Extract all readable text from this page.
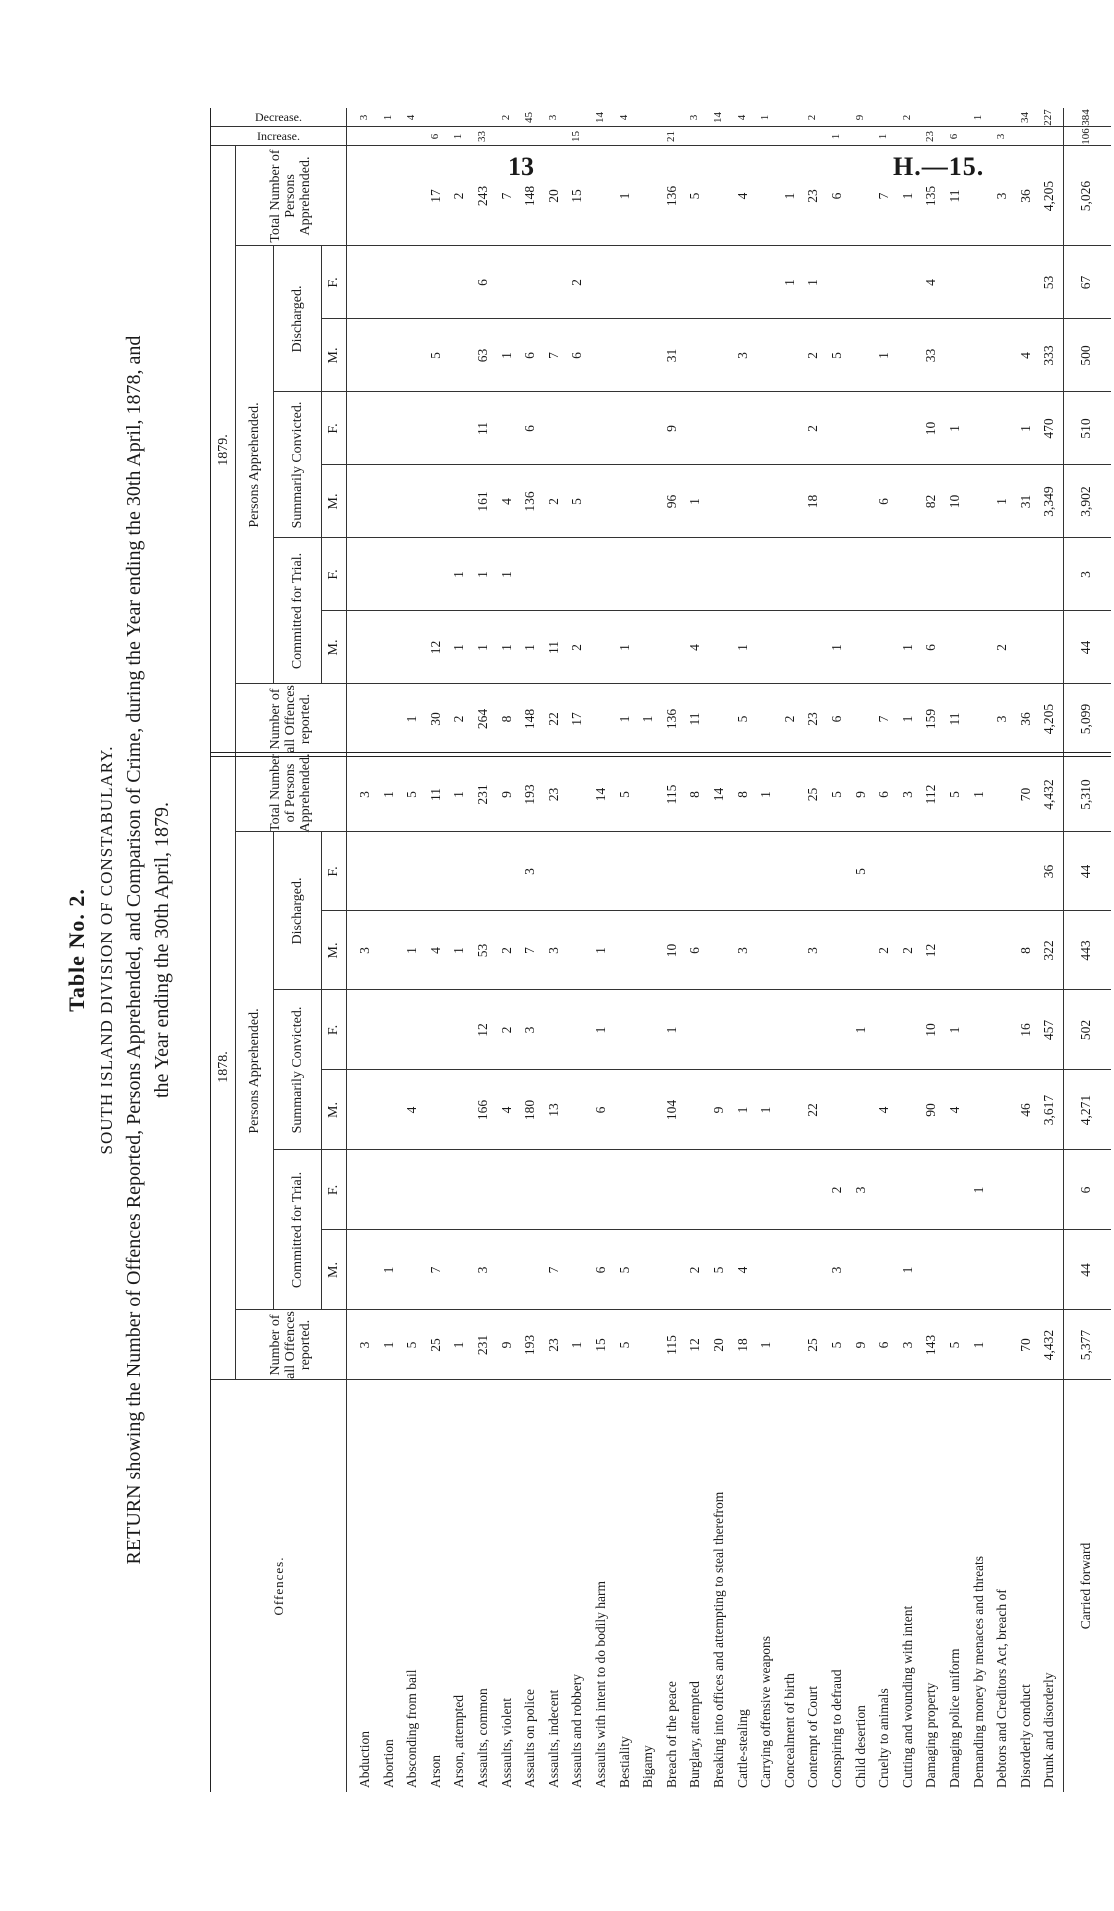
13	H.—15.
Table No. 2. SOUTH ISLAND DIVISION OF CONSTABULARY. RETURN showing the Number of Offences Reported, Persons Apprehended, and Comparison of Crime, during the Year ending the 30th April, 1878, and the Year ending the 30th April, 1879.
Offences.
1878.
1879.
Number of all Offences reported.
Persons Apprehended.
Total Number of Persons Apprehended.
Committed for Trial.
Summarily Convicted.
Discharged.
Number of all Offences reported.
Persons Apprehended.
Total Number of Persons Apprehended.
Committed for Trial.
Summarily Convicted.
Discharged.
Increase.
Decrease.
M.
F.
M.
F.
M.
F.
M.
F.
M.
F.
M.
F.
Abduction
3
3
3
3
Abortion
1
1
1
1
Absconding from bail
5
4
1
5
1
4
Arson
25
7
4
11
30
12
5
17
6
Arson, attempted
1
1
1
2
1
1
2
1
Assaults, common
231
3
166
12
53
231
264
1
1
161
11
63
6
243
33
Assaults, violent
9
4
2
2
9
8
1
1
4
1
7
2
Assaults on police
193
180
3
7
3
193
148
1
136
6
6
148
45
Assaults, indecent
23
7
13
3
23
22
11
2
7
20
3
Assaults and robbery
1
17
2
5
6
2
15
15
Assaults with intent to do bodily harm
15
6
6
1
1
14
14
Bestiality
5
5
5
1
1
1
4
Bigamy
1
Breach of the peace
115
104
1
10
115
136
96
9
31
136
21
Burglary, attempted
12
2
6
8
11
4
1
5
3
Breaking into offices and attempting to steal therefrom
20
5
9
14
14
Cattle-stealing
18
4
1
3
8
5
1
3
4
4
Carrying offensive weapons
1
1
1
1
Concealment of birth
2
1
1
Contempt of Court
25
22
3
25
23
18
2
2
1
23
2
Conspiring to defraud
5
3
2
5
6
1
5
6
1
Child desertion
9
3
1
5
9
9
Cruelty to animals
6
4
2
6
7
6
1
7
1
Cutting and wounding with intent
3
1
2
3
1
1
1
2
Damaging property
143
90
10
12
112
159
6
82
10
33
4
135
23
Damaging police uniform
5
4
1
5
11
10
1
11
6
Demanding money by menaces and threats
1
1
1
1
Debtors and Creditors Act, breach of
3
2
1
3
3
Disorderly conduct
70
46
16
8
70
36
31
1
4
36
34
Drunk and disorderly
4,432
3,617
457
322
36
4,432
4,205
3,349
470
333
53
4,205
227
Carried forward
5,377
44
6
4,271
502
443
44
5,310
5,099
44
3
3,902
510
500
67
5,026
106
384
